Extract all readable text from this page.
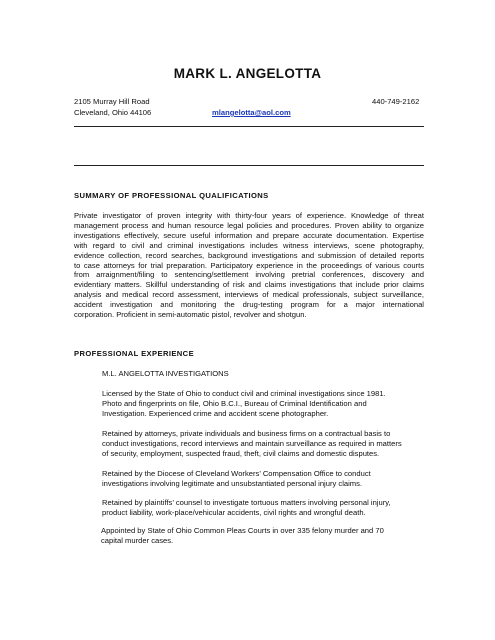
MARK L. ANGELOTTA
2105 Murray Hill Road
Cleveland, Ohio 44106	mlangelotta@aol.com
440-749-2162
SUMMARY OF PROFESSIONAL QUALIFICATIONS
Private investigator of proven integrity with thirty-four years of experience. Knowledge of threat
management process and human resource legal policies and procedures. Proven ability to organize
investigations effectively, secure useful information and prepare accurate documentation. Expertise
with regard to civil and criminal investigations includes witness interviews, scene photography,
evidence collection, record searches, background investigations and submission of detailed reports
to case attorneys for trial preparation. Participatory experience in the proceedings of various courts
from arraignment/filing to sentencing/settlement involving pretrial conferences, discovery and
evidentiary matters. Skillful understanding of risk and claims investigations that include prior claims
analysis and medical record assessment, interviews of medical professionals, subject surveillance,
accident investigation and monitoring the drug-testing program for a major international
corporation. Proficient in semi-automatic pistol, revolver and shotgun.
PROFESSIONAL EXPERIENCE
M.L. ANGELOTTA INVESTIGATIONS
Licensed by the State of Ohio to conduct civil and criminal investigations since 1981.
Photo and fingerprints on file, Ohio B.C.I., Bureau of Criminal Identification and
Investigation. Experienced crime and accident scene photographer.
Retained by attorneys, private individuals and business firms on a contractual basis to
conduct investigations, record interviews and maintain surveillance as required in matters
of security, employment, suspected fraud, theft, civil claims and domestic disputes.
Retained by the Diocese of Cleveland Workers’ Compensation Office to conduct
investigations involving legitimate and unsubstantiated personal injury claims.
Retained by plaintiffs’ counsel to investigate tortuous matters involving personal injury,
product liability, work-place/vehicular accidents, civil rights and wrongful death.
Appointed by State of Ohio Common Pleas Courts in over 335 felony murder and 70
capital murder cases.
